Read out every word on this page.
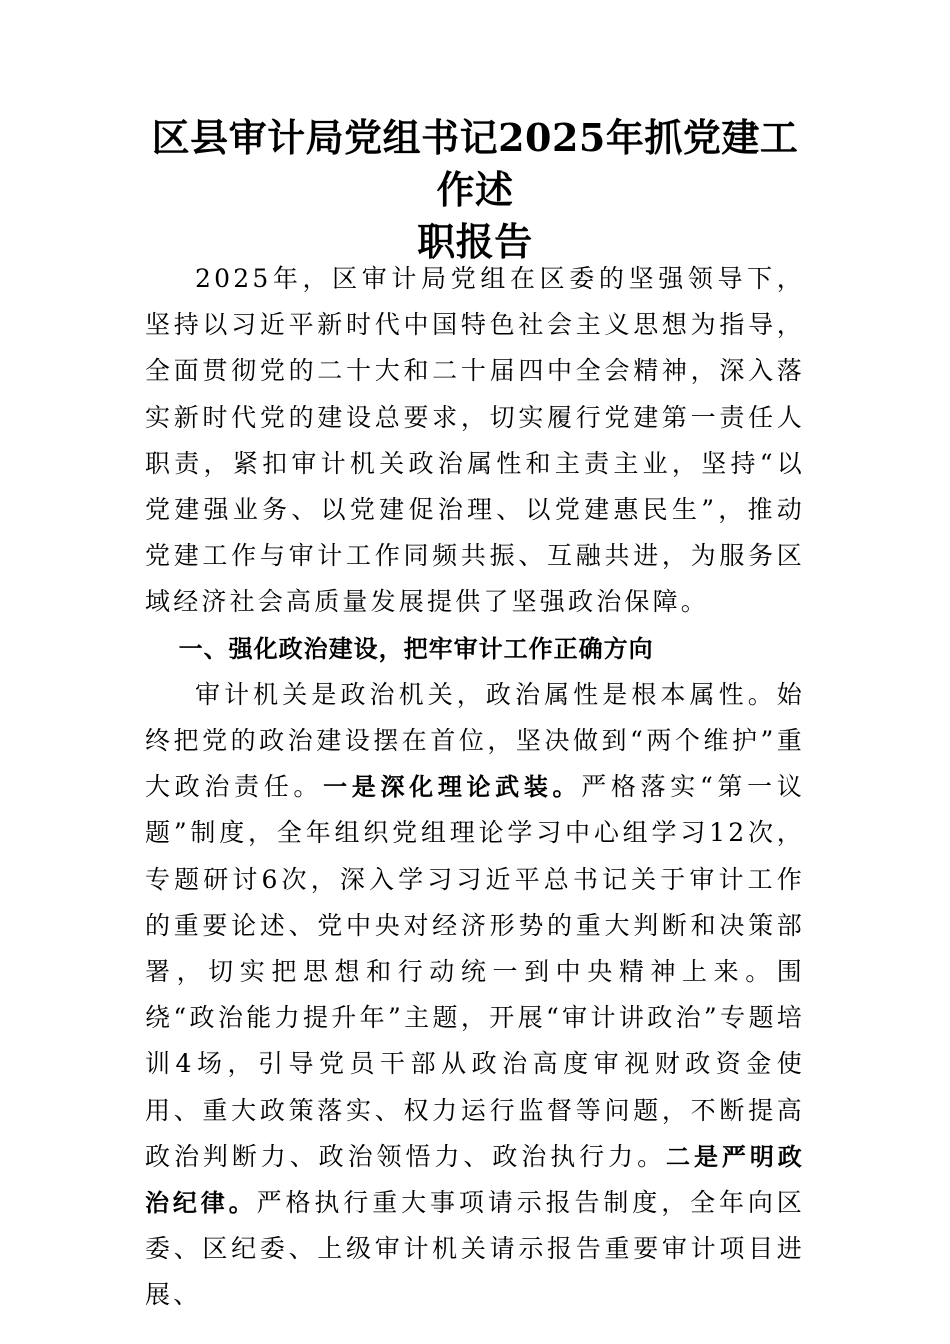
区县审计局党组书记2025年抓党建工作述
职报告

2025年，区审计局党组在区委的坚强领导下，坚持以习近平新时代中国特色社会主义思想为指导，全面贯彻党的二十大和二十届四中全会精神，深入落实新时代党的建设总要求，切实履行党建第一责任人职责，紧扣审计机关政治属性和主责主业，坚持“以党建强业务、以党建促治理、以党建惠民生”，推动党建工作与审计工作同频共振、互融共进，为服务区域经济社会高质量发展提供了坚强政治保障。

一、强化政治建设，把牢审计工作正确方向

审计机关是政治机关，政治属性是根本属性。始终把党的政治建设摆在首位，坚决做到“两个维护”重大政治责任。一是深化理论武装。严格落实“第一议题”制度，全年组织党组理论学习中心组学习12次，专题研讨6次，深入学习习近平总书记关于审计工作的重要论述、党中央对经济形势的重大判断和决策部署，切实把思想和行动统一到中央精神上来。围绕“政治能力提升年”主题，开展“审计讲政治”专题培训4场，引导党员干部从政治高度审视财政资金使用、重大政策落实、权力运行监督等问题，不断提高政治判断力、政治领悟力、政治执行力。二是严明政治纪律。严格执行重大事项请示报告制度，全年向区委、区纪委、上级审计机关请示报告重要审计项目进展、
